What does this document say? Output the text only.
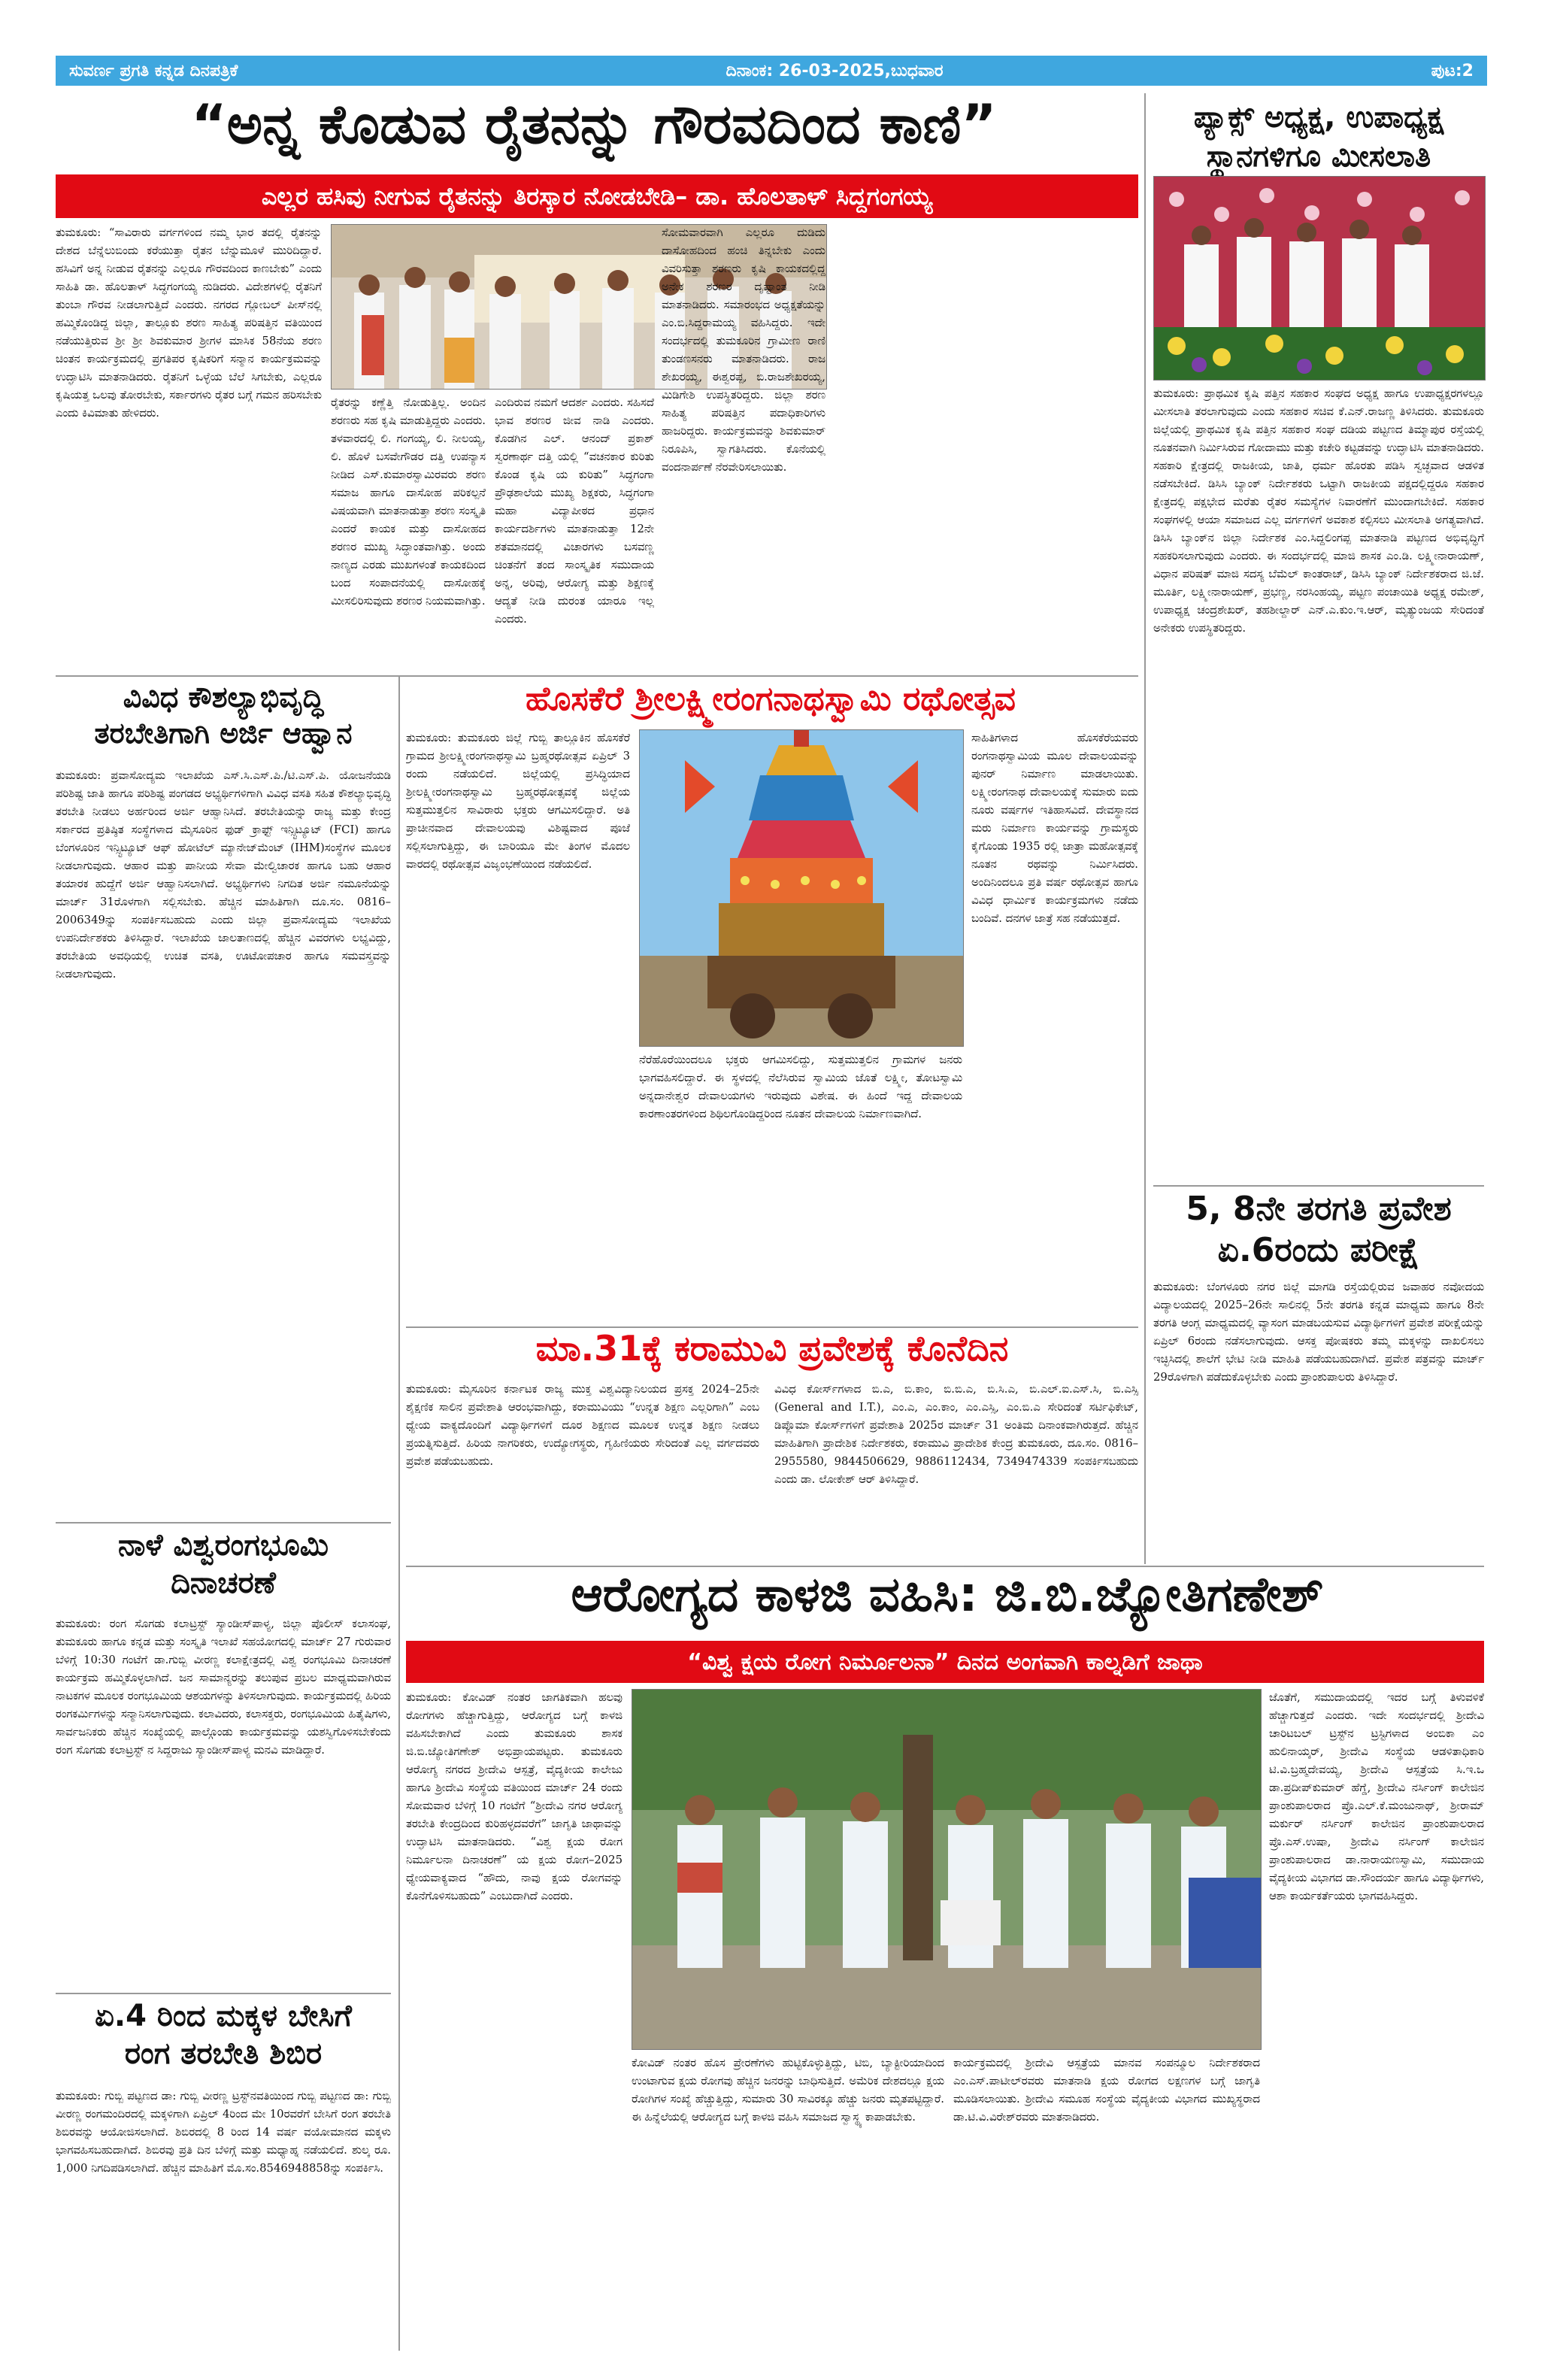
ಸುವರ್ಣ ಪ್ರಗತಿ ಕನ್ನಡ ದಿನಪತ್ರಿಕೆ	ದಿನಾಂಕ: 26-03-2025,ಬುಧವಾರ	ಪುಟ:2
“ಅನ್ನ ಕೊಡುವ ರೈತನನ್ನು ಗೌರವದಿಂದ ಕಾಣಿ”
ಎಲ್ಲರ ಹಸಿವು ನೀಗುವ ರೈತನನ್ನು ತಿರಸ್ಕಾರ ನೋಡಬೇಡಿ– ಡಾ. ಹೊಲತಾಳ್ ಸಿದ್ದಗಂಗಯ್ಯ

ತುಮಕೂರು: “ಸಾವಿರಾರು ವರ್ಗಗಳಿಂದ ನಮ್ಮ ಭಾರ ತದಲ್ಲಿ ರೈತನನ್ನು ದೇಶದ ಬೆನ್ನೆಲುಬಿಂದು ಕರೆಯುತ್ತಾ ರೈತನ ಬೆನ್ನುಮೂಳೆ ಮುರಿದಿದ್ದಾರೆ. ಹಸಿವಿಗೆ ಅನ್ನ ನೀಡುವ ರೈತನನ್ನು ಎಲ್ಲರೂ ಗೌರವದಿಂದ ಕಾಣಬೇಕು” ಎಂದು ಸಾಹಿತಿ ಡಾ. ಹೊಲತಾಳ್ ಸಿದ್ಧಗಂಗಯ್ಯ ನುಡಿದರು. ವಿದೇಶಗಳಲ್ಲಿ ರೈತನಿಗೆ ತುಂಬಾ ಗೌರವ ನೀಡಲಾಗುತ್ತಿದೆ ಎಂದರು. ನಗರದ ಗ್ಲೋಬಲ್ ಪೀಸ್‌ನಲ್ಲಿ ಹಮ್ಮಿಕೊಂಡಿದ್ದ ಜಿಲ್ಲಾ, ತಾಲ್ಲೂಕು ಶರಣ ಸಾಹಿತ್ಯ ಪರಿಷತ್ತಿನ ವತಿಯಿಂದ ನಡೆಯುತ್ತಿರುವ ಶ್ರೀ ಶ್ರೀ ಶಿವಕುಮಾರ ಶ್ರೀಗಳ ಮಾಸಿಕ 58ನೆಯ ಶರಣ ಚಿಂತನ ಕಾರ್ಯಕ್ರಮದಲ್ಲಿ ಪ್ರಗತಿಪರ ಕೃಷಿಕರಿಗೆ ಸನ್ಮಾನ ಕಾರ್ಯಕ್ರಮವನ್ನು ಉದ್ಘಾಟಿಸಿ ಮಾತನಾಡಿದರು. ರೈತನಿಗೆ ಒಳ್ಳೆಯ ಬೆಲೆ ಸಿಗಬೇಕು, ಎಲ್ಲರೂ ಕೃಷಿಯತ್ತ ಒಲವು ತೋರಬೇಕು, ಸರ್ಕಾರಗಳು ರೈತರ ಬಗ್ಗೆ ಗಮನ ಹರಿಸಬೇಕು ಎಂದು ಕಿವಿಮಾತು ಹೇಳಿದರು.

ರೈತರನ್ನು ಕಣ್ಣೆತ್ತಿ ನೋಡುತ್ತಿಲ್ಲ. ಅಂದಿನ ಶರಣರು ಸಹ ಕೃಷಿ ಮಾಡುತ್ತಿದ್ದರು ಎಂದರು. ತಳವಾರದಲ್ಲಿ ಲಿ. ಗಂಗಯ್ಯ, ಲಿ. ನೀಲಯ್ಯ, ಲಿ. ಹೊಳೆ ಬಸವೇಗೌಡರ ದತ್ತಿ ಉಪನ್ಯಾಸ ನೀಡಿದ ಎಸ್.ಕುಮಾರಸ್ವಾಮಿರವರು ಶರಣ ಸಮಾಜ ಹಾಗೂ ದಾಸೋಹ ಪರಿಕಲ್ಪನೆ ವಿಷಯವಾಗಿ ಮಾತನಾಡುತ್ತಾ ಶರಣ ಸಂಸ್ಕೃತಿ ಎಂದರೆ ಕಾಯಕ ಮತ್ತು ದಾಸೋಹದ ಶರಣರ ಮುಖ್ಯ ಸಿದ್ಧಾಂತವಾಗಿತ್ತು. ಅಂದು ನಾಣ್ಯದ ಎರಡು ಮುಖಗಳಂತೆ ಕಾಯಕದಿಂದ ಬಂದ ಸಂಪಾದನೆಯಲ್ಲಿ ದಾಸೋಹಕ್ಕೆ ಮೀಸಲಿರಿಸುವುದು ಶರಣರ ನಿಯಮವಾಗಿತ್ತು.

ಎಂದಿರುವ ನಮಗೆ ಆದರ್ಶ ಎಂದರು. ಸಹಿಸದೆ ಭಾವ ಶರಣರ ಜೀವ ನಾಡಿ ಎಂದರು. ಕೊಡಗಿನ ಎಲ್. ಆನಂದ್ ಪ್ರಕಾಶ್ ಸ್ವರಣಾರ್ಥ ದತ್ತಿ ಯಲ್ಲಿ “ವಚನಕಾರ ಕುರಿತು ಕೊಂಡ ಕೃಷಿ ಯ ಕುರಿತು” ಸಿದ್ಧಗಂಗಾ ಪ್ರೌಢಶಾಲೆಯ ಮುಖ್ಯ ಶಿಕ್ಷಕರು, ಸಿದ್ಧಗಂಗಾ ಮಹಾ ವಿದ್ಯಾಪೀಠದ ಪ್ರಧಾನ ಕಾರ್ಯದರ್ಶಿಗಳು ಮಾತನಾಡುತ್ತಾ 12ನೇ ಶತಮಾನದಲ್ಲಿ ವಿಚಾರಗಳು ಬಸವಣ್ಣ ಚಿಂತನೆಗೆ ತಂದ ಸಾಂಸ್ಕೃತಿಕ ಸಮುದಾಯ ಅನ್ನ, ಅರಿವು, ಆರೋಗ್ಯ ಮತ್ತು ಶಿಕ್ಷಣಕ್ಕೆ ಆದ್ಯತೆ ನೀಡಿ ದುರಂತ ಯಾರೂ ಇಲ್ಲ ಎಂದರು.

ಸೋಮವಾರವಾಗಿ ಎಲ್ಲರೂ ದುಡಿದು ದಾಸೋಹದಿಂದ ಹಂಚಿ ತಿನ್ನಬೇಕು ಎಂದು ವಿವರಿಸುತ್ತಾ ಶರಣರು ಕೃಷಿ ಕಾಯಕದಲ್ಲಿದ್ದ ಅನೇಕ ಶರಣರ ದೃಷ್ಟಾಂತ ನೀಡಿ ಮಾತನಾಡಿದರು. ಸಮಾರಂಭದ ಅಧ್ಯಕ್ಷತೆಯನ್ನು ಎಂ.ಬಿ.ಸಿದ್ದರಾಮಯ್ಯ ವಹಿಸಿದ್ದರು. ಇದೇ ಸಂದರ್ಭದಲ್ಲಿ ತುಮಕೂರಿನ ಗ್ರಾಮೀಣ ರಾಣಿ ತುಂಡಣಸನರು ಮಾತನಾಡಿದರು. ರಾಜ ಶೇಖರಯ್ಯ, ಈಶ್ವರಪ್ಪ, ಬಿ.ರಾಜಶೇಖರಯ್ಯ, ಮಿಡಿಗೇಶಿ ಉಪಸ್ಥಿತರಿದ್ದರು. ಜಿಲ್ಲಾ ಶರಣ ಸಾಹಿತ್ಯ ಪರಿಷತ್ತಿನ ಪದಾಧಿಕಾರಿಗಳು ಹಾಜರಿದ್ದರು. ಕಾರ್ಯಕ್ರಮವನ್ನು ಶಿವಕುಮಾರ್ ನಿರೂಪಿಸಿ, ಸ್ವಾಗತಿಸಿದರು. ಕೊನೆಯಲ್ಲಿ ವಂದನಾರ್ಪಣೆ ನೆರವೇರಿಸಲಾಯಿತು.

ಪ್ಯಾಕ್ಸ್ ಅಧ್ಯಕ್ಷ, ಉಪಾಧ್ಯಕ್ಷ ಸ್ಥಾನಗಳಿಗೂ ಮೀಸಲಾತಿ

ತುಮಕೂರು: ಪ್ರಾಥಮಿಕ ಕೃಷಿ ಪತ್ತಿನ ಸಹಕಾರ ಸಂಘದ ಅಧ್ಯಕ್ಷ ಹಾಗೂ ಉಪಾಧ್ಯಕ್ಷರಗಳಲ್ಲೂ ಮೀಸಲಾತಿ ತರಲಾಗುವುದು ಎಂದು ಸಹಕಾರ ಸಚಿವ ಕೆ.ಎನ್.ರಾಜಣ್ಣ ತಿಳಿಸಿದರು. ತುಮಕೂರು ಜಿಲ್ಲೆಯಲ್ಲಿ ಪ್ರಾಥಮಿಕ ಕೃಷಿ ಪತ್ತಿನ ಸಹಕಾರ ಸಂಘ ದಡಿಯ ಪಟ್ಟಣದ ತಿಮ್ಮಾಪುರ ರಸ್ತೆಯಲ್ಲಿ ನೂತನವಾಗಿ ನಿರ್ಮಿಸಿರುವ ಗೋದಾಮು ಮತ್ತು ಕಚೇರಿ ಕಟ್ಟಡವನ್ನು ಉದ್ಘಾಟಿಸಿ ಮಾತನಾಡಿದರು. ಸಹಕಾರಿ ಕ್ಷೇತ್ರದಲ್ಲಿ ರಾಜಕೀಯ, ಜಾತಿ, ಧರ್ಮ ಹೊರತು ಪಡಿಸಿ ಸ್ವಚ್ಛವಾದ ಆಡಳಿತ ನಡೆಸಬೇಕಿದೆ. ಡಿಸಿಸಿ ಬ್ಯಾಂಕ್ ನಿರ್ದೇಶಕರು ಒಟ್ಟಾಗಿ ರಾಜಕೀಯ ಪಕ್ಷದಲ್ಲಿದ್ದರೂ ಸಹಕಾರ ಕ್ಷೇತ್ರದಲ್ಲಿ ಪಕ್ಷಭೇದ ಮರೆತು ರೈತರ ಸಮಸ್ಯೆಗಳ ನಿವಾರಣೆಗೆ ಮುಂದಾಗಬೇಕಿದೆ. ಸಹಕಾರ ಸಂಘಗಳಲ್ಲಿ ಆಯಾ ಸಮಾಜದ ಎಲ್ಲ ವರ್ಗಗಳಿಗೆ ಅವಕಾಶ ಕಲ್ಪಿಸಲು ಮೀಸಲಾತಿ ಅಗತ್ಯವಾಗಿದೆ. ಡಿಸಿಸಿ ಬ್ಯಾಂಕ್‌ನ ಜಿಲ್ಲಾ ನಿರ್ದೇಶಕ ಎಂ.ಸಿದ್ದಲಿಂಗಪ್ಪ ಮಾತನಾಡಿ ಪಟ್ಟಣದ ಅಭಿವೃದ್ಧಿಗೆ ಸಹಕರಿಸಲಾಗುವುದು ಎಂದರು. ಈ ಸಂದರ್ಭದಲ್ಲಿ ಮಾಜಿ ಶಾಸಕ ಎಂ.ಡಿ. ಲಕ್ಷ್ಮೀನಾರಾಯಣ್, ವಿಧಾನ ಪರಿಷತ್ ಮಾಜಿ ಸದಸ್ಯ ಬೆಮೆಲ್ ಕಾಂತರಾಜ್, ಡಿಸಿಸಿ ಬ್ಯಾಂಕ್ ನಿರ್ದೇಶಕರಾದ ಜಿ.ಜೆ. ಮೂರ್ತಿ, ಲಕ್ಷ್ಮೀನಾರಾಯಣ್, ಪ್ರಭಣ್ಣ, ನರಸಿಂಹಯ್ಯ, ಪಟ್ಟಣ ಪಂಚಾಯಿತಿ ಅಧ್ಯಕ್ಷ ರಮೇಶ್, ಉಪಾಧ್ಯಕ್ಷ ಚಂದ್ರಶೇಖರ್, ತಹಶೀಲ್ದಾರ್ ಎನ್.ಎ.ಕುಂ.ಇ.ಆರ್, ಮೃತ್ಯುಂಜಯ ಸೇರಿದಂತೆ ಅನೇಕರು ಉಪಸ್ಥಿತರಿದ್ದರು.

ವಿವಿಧ ಕೌಶಲ್ಯಾಭಿವೃದ್ಧಿ
ತರಬೇತಿಗಾಗಿ ಅರ್ಜಿ ಆಹ್ವಾನ

ತುಮಕೂರು: ಪ್ರವಾಸೋದ್ಯಮ ಇಲಾಖೆಯ ಎಸ್.ಸಿ.ಎಸ್.ಪಿ./ಟಿ.ಎಸ್.ಪಿ. ಯೋಜನೆಯಡಿ ಪರಿಶಿಷ್ಟ ಜಾತಿ ಹಾಗೂ ಪರಿಶಿಷ್ಟ ಪಂಗಡದ ಅಭ್ಯರ್ಥಿಗಳಿಗಾಗಿ ವಿವಿಧ ವಸತಿ ಸಹಿತ ಕೌಶಲ್ಯಾಭಿವೃದ್ಧಿ ತರಬೇತಿ ನೀಡಲು ಅರ್ಹರಿಂದ ಅರ್ಜಿ ಆಹ್ವಾನಿಸಿದೆ. ತರಬೇತಿಯನ್ನು ರಾಜ್ಯ ಮತ್ತು ಕೇಂದ್ರ ಸರ್ಕಾರದ ಪ್ರತಿಷ್ಠಿತ ಸಂಸ್ಥೆಗಳಾದ ಮೈಸೂರಿನ ಫುಡ್ ಕ್ರಾಫ್ಟ್ ಇನ್ಸ್ಟಿಟ್ಯೂಟ್ (FCI) ಹಾಗೂ ಬೆಂಗಳೂರಿನ ಇನ್ಸ್ಟಿಟ್ಯೂಟ್ ಆಫ್ ಹೋಟೆಲ್ ಮ್ಯಾನೇಜ್‌ಮೆಂಟ್ (IHM)ಸಂಸ್ಥೆಗಳ ಮೂಲಕ ನೀಡಲಾಗುವುದು. ಆಹಾರ ಮತ್ತು ಪಾನೀಯ ಸೇವಾ ಮೇಲ್ವಿಚಾರಕ ಹಾಗೂ ಬಹು ಆಹಾರ ತಯಾರಕ ಹುದ್ದೆಗೆ ಅರ್ಜಿ ಆಹ್ವಾನಿಸಲಾಗಿದೆ. ಅಭ್ಯರ್ಥಿಗಳು ನಿಗದಿತ ಅರ್ಜಿ ನಮೂನೆಯನ್ನು ಮಾರ್ಚ್ 31ರೊಳಗಾಗಿ ಸಲ್ಲಿಸಬೇಕು. ಹೆಚ್ಚಿನ ಮಾಹಿತಿಗಾಗಿ ದೂ.ಸಂ. 0816–2006349ನ್ನು ಸಂಪರ್ಕಿಸಬಹುದು ಎಂದು ಜಿಲ್ಲಾ ಪ್ರವಾಸೋದ್ಯಮ ಇಲಾಖೆಯ ಉಪನಿರ್ದೇಶಕರು ತಿಳಿಸಿದ್ದಾರೆ. ಇಲಾಖೆಯ ಜಾಲತಾಣದಲ್ಲಿ ಹೆಚ್ಚಿನ ವಿವರಗಳು ಲಭ್ಯವಿದ್ದು, ತರಬೇತಿಯ ಅವಧಿಯಲ್ಲಿ ಉಚಿತ ವಸತಿ, ಊಟೋಪಚಾರ ಹಾಗೂ ಸಮವಸ್ತ್ರವನ್ನು ನೀಡಲಾಗುವುದು.

ಹೊಸಕೆರೆ ಶ್ರೀಲಕ್ಷ್ಮೀರಂಗನಾಥಸ್ವಾಮಿ ರಥೋತ್ಸವ

ತುಮಕೂರು: ತುಮಕೂರು ಜಿಲ್ಲೆ ಗುಬ್ಬಿ ತಾಲ್ಲೂಕಿನ ಹೊಸಕೆರೆ ಗ್ರಾಮದ ಶ್ರೀಲಕ್ಷ್ಮೀರಂಗನಾಥಸ್ವಾಮಿ ಬ್ರಹ್ಮರಥೋತ್ಸವ ಏಪ್ರಿಲ್ 3 ರಂದು ನಡೆಯಲಿದೆ. ಜಿಲ್ಲೆಯಲ್ಲಿ ಪ್ರಸಿದ್ಧಿಯಾದ ಶ್ರೀಲಕ್ಷ್ಮೀರಂಗನಾಥಸ್ವಾಮಿ ಬ್ರಹ್ಮರಥೋತ್ಸವಕ್ಕೆ ಜಿಲ್ಲೆಯ ಸುತ್ತಮುತ್ತಲಿನ ಸಾವಿರಾರು ಭಕ್ತರು ಆಗಮಿಸಲಿದ್ದಾರೆ. ಅತಿ ಪ್ರಾಚೀನವಾದ ದೇವಾಲಯವು ವಿಶಿಷ್ಟವಾದ ಪೂಜೆ ಸಲ್ಲಿಸಲಾಗುತ್ತಿದ್ದು, ಈ ಬಾರಿಯೂ ಮೇ ತಿಂಗಳ ಮೊದಲ ವಾರದಲ್ಲಿ ರಥೋತ್ಸವ ವಿಜೃಂಭಣೆಯಿಂದ ನಡೆಯಲಿದೆ.

ನೆರೆಹೊರೆಯಿಂದಲೂ ಭಕ್ತರು ಆಗಮಿಸಲಿದ್ದು, ಸುತ್ತಮುತ್ತಲಿನ ಗ್ರಾಮಗಳ ಜನರು ಭಾಗವಹಿಸಲಿದ್ದಾರೆ. ಈ ಸ್ಥಳದಲ್ಲಿ ನೆಲೆಸಿರುವ ಸ್ವಾಮಿಯ ಜೊತೆ ಲಕ್ಷ್ಮೀ, ತೋಟಸ್ವಾಮಿ ಅನ್ನದಾನೇಶ್ವರ ದೇವಾಲಯಗಳು ಇರುವುದು ವಿಶೇಷ. ಈ ಹಿಂದೆ ಇದ್ದ ದೇವಾಲಯ ಕಾರಣಾಂತರಗಳಿಂದ ಶಿಥಿಲಗೊಂಡಿದ್ದರಿಂದ ನೂತನ ದೇವಾಲಯ ನಿರ್ಮಾಣವಾಗಿದೆ.

ಸಾಹಿತಿಗಳಾದ ಹೊಸಕೆರೆಯವರು ರಂಗನಾಥಸ್ವಾಮಿಯ ಮೂಲ ದೇವಾಲಯವನ್ನು ಪುನರ್ ನಿರ್ಮಾಣ ಮಾಡಲಾಯಿತು. ಲಕ್ಷ್ಮೀರಂಗನಾಥ ದೇವಾಲಯಕ್ಕೆ ಸುಮಾರು ಐದು ನೂರು ವರ್ಷಗಳ ಇತಿಹಾಸವಿದೆ. ದೇವಸ್ಥಾನದ ಮರು ನಿರ್ಮಾಣ ಕಾರ್ಯವನ್ನು ಗ್ರಾಮಸ್ಥರು ಕೈಗೊಂಡು 1935 ರಲ್ಲಿ ಜಾತ್ರಾ ಮಹೋತ್ಸವಕ್ಕೆ ನೂತನ ರಥವನ್ನು ನಿರ್ಮಿಸಿದರು. ಅಂದಿನಿಂದಲೂ ಪ್ರತಿ ವರ್ಷ ರಥೋತ್ಸವ ಹಾಗೂ ವಿವಿಧ ಧಾರ್ಮಿಕ ಕಾರ್ಯಕ್ರಮಗಳು ನಡೆದು ಬಂದಿವೆ. ದನಗಳ ಜಾತ್ರೆ ಸಹ ನಡೆಯುತ್ತದೆ.

ಮಾ.31ಕ್ಕೆ ಕರಾಮುವಿ ಪ್ರವೇಶಕ್ಕೆ ಕೊನೆದಿನ

ತುಮಕೂರು: ಮೈಸೂರಿನ ಕರ್ನಾಟಕ ರಾಜ್ಯ ಮುಕ್ತ ವಿಶ್ವವಿದ್ಯಾನಿಲಯದ ಪ್ರಸಕ್ತ 2024–25ನೇ ಶೈಕ್ಷಣಿಕ ಸಾಲಿನ ಪ್ರವೇಶಾತಿ ಆರಂಭವಾಗಿದ್ದು, ಕರಾಮುವಿಯು “ಉನ್ನತ ಶಿಕ್ಷಣ ಎಲ್ಲರಿಗಾಗಿ” ಎಂಬ ಧ್ಯೇಯ ವಾಕ್ಯದೊಂದಿಗೆ ವಿದ್ಯಾರ್ಥಿಗಳಿಗೆ ದೂರ ಶಿಕ್ಷಣದ ಮೂಲಕ ಉನ್ನತ ಶಿಕ್ಷಣ ನೀಡಲು ಪ್ರಯತ್ನಿಸುತ್ತಿದೆ. ಹಿರಿಯ ನಾಗರಿಕರು, ಉದ್ಯೋಗಸ್ಥರು, ಗೃಹಿಣಿಯರು ಸೇರಿದಂತೆ ಎಲ್ಲ ವರ್ಗದವರು ಪ್ರವೇಶ ಪಡೆಯಬಹುದು.

ವಿವಿಧ ಕೋರ್ಸ್‌ಗಳಾದ ಬಿ.ಎ, ಬಿ.ಕಾಂ, ಬಿ.ಬಿ.ಎ, ಬಿ.ಸಿ.ಎ, ಬಿ.ಎಲ್.ಐ.ಎಸ್.ಸಿ, ಬಿ.ಎಸ್ಸಿ (General and I.T.), ಎಂ.ಎ, ಎಂ.ಕಾಂ, ಎಂ.ಎಸ್ಸಿ, ಎಂ.ಬಿ.ಎ ಸೇರಿದಂತೆ ಸರ್ಟಿಫಿಕೇಟ್, ಡಿಪ್ಲೊಮಾ ಕೋರ್ಸ್‌ಗಳಿಗೆ ಪ್ರವೇಶಾತಿ 2025ರ ಮಾರ್ಚ್ 31 ಅಂತಿಮ ದಿನಾಂಕವಾಗಿರುತ್ತದೆ. ಹೆಚ್ಚಿನ ಮಾಹಿತಿಗಾಗಿ ಪ್ರಾದೇಶಿಕ ನಿರ್ದೇಶಕರು, ಕರಾಮುವಿ ಪ್ರಾದೇಶಿಕ ಕೇಂದ್ರ ತುಮಕೂರು, ದೂ.ಸಂ. 0816–2955580, 9844506629, 9886112434, 7349474339 ಸಂಪರ್ಕಿಸಬಹುದು ಎಂದು ಡಾ. ಲೋಕೇಶ್ ಆರ್ ತಿಳಿಸಿದ್ದಾರೆ.

5, 8ನೇ ತರಗತಿ ಪ್ರವೇಶ
ಏ.6ರಂದು ಪರೀಕ್ಷೆ

ತುಮಕೂರು: ಬೆಂಗಳೂರು ನಗರ ಜಿಲ್ಲೆ ಮಾಗಡಿ ರಸ್ತೆಯಲ್ಲಿರುವ ಜವಾಹರ ನವೋದಯ ವಿದ್ಯಾಲಯದಲ್ಲಿ 2025–26ನೇ ಸಾಲಿನಲ್ಲಿ 5ನೇ ತರಗತಿ ಕನ್ನಡ ಮಾಧ್ಯಮ ಹಾಗೂ 8ನೇ ತರಗತಿ ಆಂಗ್ಲ ಮಾಧ್ಯಮದಲ್ಲಿ ವ್ಯಾಸಂಗ ಮಾಡಬಯಸುವ ವಿದ್ಯಾರ್ಥಿಗಳಿಗೆ ಪ್ರವೇಶ ಪರೀಕ್ಷೆಯನ್ನು ಏಪ್ರಿಲ್ 6ರಂದು ನಡೆಸಲಾಗುವುದು. ಆಸಕ್ತ ಪೋಷಕರು ತಮ್ಮ ಮಕ್ಕಳನ್ನು ದಾಖಲಿಸಲು ಇಚ್ಛಿಸಿದಲ್ಲಿ ಶಾಲೆಗೆ ಭೇಟಿ ನೀಡಿ ಮಾಹಿತಿ ಪಡೆಯಬಹುದಾಗಿದೆ. ಪ್ರವೇಶ ಪತ್ರವನ್ನು ಮಾರ್ಚ್ 29ರೊಳಗಾಗಿ ಪಡೆದುಕೊಳ್ಳಬೇಕು ಎಂದು ಪ್ರಾಂಶುಪಾಲರು ತಿಳಿಸಿದ್ದಾರೆ.

ನಾಳೆ ವಿಶ್ವರಂಗಭೂಮಿ
ದಿನಾಚರಣೆ

ತುಮಕೂರು: ರಂಗ ಸೊಗಡು ಕಲಾಟ್ರಸ್ಟ್ ಸ್ಯಾಂಡೀಸ್‌ಪಾಳ್ಯ, ಜಿಲ್ಲಾ ಪೊಲೀಸ್ ಕಲಾಸಂಘ, ತುಮಕೂರು ಹಾಗೂ ಕನ್ನಡ ಮತ್ತು ಸಂಸ್ಕೃತಿ ಇಲಾಖೆ ಸಹಯೋಗದಲ್ಲಿ ಮಾರ್ಚ್ 27 ಗುರುವಾರ ಬೆಳಿಗ್ಗೆ 10:30 ಗಂಟೆಗೆ ಡಾ.ಗುಬ್ಬಿ ವೀರಣ್ಣ ಕಲಾಕ್ಷೇತ್ರದಲ್ಲಿ ವಿಶ್ವ ರಂಗಭೂಮಿ ದಿನಾಚರಣೆ ಕಾರ್ಯಕ್ರಮ ಹಮ್ಮಿಕೊಳ್ಳಲಾಗಿದೆ. ಜನ ಸಾಮಾನ್ಯರನ್ನು ತಲುಪುವ ಪ್ರಬಲ ಮಾಧ್ಯಮವಾಗಿರುವ ನಾಟಕಗಳ ಮೂಲಕ ರಂಗಭೂಮಿಯ ಆಶಯಗಳನ್ನು ತಿಳಿಸಲಾಗುವುದು. ಕಾರ್ಯಕ್ರಮದಲ್ಲಿ ಹಿರಿಯ ರಂಗಕರ್ಮಿಗಳನ್ನು ಸನ್ಮಾನಿಸಲಾಗುವುದು. ಕಲಾವಿದರು, ಕಲಾಸಕ್ತರು, ರಂಗಭೂಮಿಯ ಹಿತೈಷಿಗಳು, ಸಾರ್ವಜನಿಕರು ಹೆಚ್ಚಿನ ಸಂಖ್ಯೆಯಲ್ಲಿ ಪಾಲ್ಗೊಂಡು ಕಾರ್ಯಕ್ರಮವನ್ನು ಯಶಸ್ವಿಗೊಳಿಸಬೇಕೆಂದು ರಂಗ ಸೊಗಡು ಕಲಾಟ್ರಸ್ಟ್ ನ ಸಿದ್ದರಾಜು ಸ್ಯಾಂಡೀಸ್‌ಪಾಳ್ಯ ಮನವಿ ಮಾಡಿದ್ದಾರೆ.

ಏ.4 ರಿಂದ ಮಕ್ಕಳ ಬೇಸಿಗೆ
ರಂಗ ತರಬೇತಿ ಶಿಬಿರ

ತುಮಕೂರು: ಗುಬ್ಬಿ ಪಟ್ಟಣದ ಡಾ: ಗುಬ್ಬಿ ವೀರಣ್ಣ ಟ್ರಸ್ಟ್‌ನವತಿಯಿಂದ ಗುಬ್ಬಿ ಪಟ್ಟಣದ ಡಾ: ಗುಬ್ಬಿ ವೀರಣ್ಣ ರಂಗಮಂದಿರದಲ್ಲಿ ಮಕ್ಕಳಿಗಾಗಿ ಏಪ್ರಿಲ್ 4ರಿಂದ ಮೇ 10ರವರೆಗೆ ಬೇಸಿಗೆ ರಂಗ ತರಬೇತಿ ಶಿಬಿರವನ್ನು ಆಯೋಜಿಸಲಾಗಿದೆ. ಶಿಬಿರದಲ್ಲಿ 8 ರಿಂದ 14 ವರ್ಷ ವಯೋಮಾನದ ಮಕ್ಕಳು ಭಾಗವಹಿಸಬಹುದಾಗಿದೆ. ಶಿಬಿರವು ಪ್ರತಿ ದಿನ ಬೆಳಿಗ್ಗೆ ಮತ್ತು ಮಧ್ಯಾಹ್ನ ನಡೆಯಲಿದೆ. ಶುಲ್ಕ ರೂ. 1,000 ನಿಗದಿಪಡಿಸಲಾಗಿದೆ. ಹೆಚ್ಚಿನ ಮಾಹಿತಿಗೆ ಮೊ.ಸಂ.8546948858ನ್ನು ಸಂಪರ್ಕಿಸಿ.

ಆರೋಗ್ಯದ ಕಾಳಜಿ ವಹಿಸಿ: ಜಿ.ಬಿ.ಜ್ಯೋತಿಗಣೇಶ್
“ವಿಶ್ವ ಕ್ಷಯ ರೋಗ ನಿರ್ಮೂಲನಾ” ದಿನದ ಅಂಗವಾಗಿ ಕಾಲ್ನಡಿಗೆ ಜಾಥಾ

ತುಮಕೂರು: ಕೋವಿಡ್ ನಂತರ ಜಾಗತಿಕವಾಗಿ ಹಲವು ರೋಗಗಳು ಹೆಚ್ಚಾಗುತ್ತಿದ್ದು, ಆರೋಗ್ಯದ ಬಗ್ಗೆ ಕಾಳಜಿ ವಹಿಸಬೇಕಾಗಿದೆ ಎಂದು ತುಮಕೂರು ಶಾಸಕ ಜಿ.ಬಿ.ಜ್ಯೋತಿಗಣೇಶ್ ಅಭಿಪ್ರಾಯಪಟ್ಟರು. ತುಮಕೂರು ಆರೋಗ್ಯ ನಗರದ ಶ್ರೀದೇವಿ ಆಸ್ಪತ್ರೆ, ವೈದ್ಯಕೀಯ ಕಾಲೇಜು ಹಾಗೂ ಶ್ರೀದೇವಿ ಸಂಸ್ಥೆಯ ವತಿಯಿಂದ ಮಾರ್ಚ್ 24 ರಂದು ಸೋಮವಾರ ಬೆಳಿಗ್ಗೆ 10 ಗಂಟೆಗೆ “ಶ್ರೀದೇವಿ ನಗರ ಆರೋಗ್ಯ ತರಬೇತಿ ಕೇಂದ್ರದಿಂದ ಕುರಿಹಳ್ಳದವರೆಗೆ” ಜಾಗೃತಿ ಜಾಥಾವನ್ನು ಉದ್ಘಾಟಿಸಿ ಮಾತನಾಡಿದರು. “ವಿಶ್ವ ಕ್ಷಯ ರೋಗ ನಿರ್ಮೂಲನಾ ದಿನಾಚರಣೆ” ಯ ಕ್ಷಯ ರೋಗ–2025 ಧ್ಯೇಯವಾಕ್ಯವಾದ “ಹೌದು, ನಾವು ಕ್ಷಯ ರೋಗವನ್ನು ಕೊನೆಗೊಳಿಸಬಹುದು” ಎಂಬುದಾಗಿದೆ ಎಂದರು.

ಕೋವಿಡ್ ನಂತರ ಹೊಸ ಪ್ರೇರಣೆಗಳು ಹುಟ್ಟಿಕೊಳ್ಳುತ್ತಿದ್ದು, ಟಿಬಿ, ಬ್ಯಾಕ್ಟೀರಿಯಾದಿಂದ ಉಂಟಾಗುವ ಕ್ಷಯ ರೋಗವು ಹೆಚ್ಚಿನ ಜನರನ್ನು ಬಾಧಿಸುತ್ತಿದೆ. ಅಮೆರಿಕ ದೇಶದಲ್ಲೂ ಕ್ಷಯ ರೋಗಿಗಳ ಸಂಖ್ಯೆ ಹೆಚ್ಚುತ್ತಿದ್ದು, ಸುಮಾರು 30 ಸಾವಿರಕ್ಕೂ ಹೆಚ್ಚು ಜನರು ಮೃತಪಟ್ಟಿದ್ದಾರೆ. ಈ ಹಿನ್ನೆಲೆಯಲ್ಲಿ ಆರೋಗ್ಯದ ಬಗ್ಗೆ ಕಾಳಜಿ ವಹಿಸಿ ಸಮಾಜದ ಸ್ವಾಸ್ಥ್ಯ ಕಾಪಾಡಬೇಕು.

ಕಾರ್ಯಕ್ರಮದಲ್ಲಿ ಶ್ರೀದೇವಿ ಆಸ್ಪತ್ರೆಯ ಮಾನವ ಸಂಪನ್ಮೂಲ ನಿರ್ದೇಶಕರಾದ ಎಂ.ಎಸ್.ಪಾಟೀಲ್‌ರವರು ಮಾತನಾಡಿ ಕ್ಷಯ ರೋಗದ ಲಕ್ಷಣಗಳ ಬಗ್ಗೆ ಜಾಗೃತಿ ಮೂಡಿಸಲಾಯಿತು. ಶ್ರೀದೇವಿ ಸಮೂಹ ಸಂಸ್ಥೆಯ ವೈದ್ಯಕೀಯ ವಿಭಾಗದ ಮುಖ್ಯಸ್ಥರಾದ ಡಾ.ಟಿ.ವಿ.ವಿರೇಶ್‌ರವರು ಮಾತನಾಡಿದರು.

ಜೊತೆಗೆ, ಸಮುದಾಯದಲ್ಲಿ ಇದರ ಬಗ್ಗೆ ತಿಳುವಳಿಕೆ ಹೆಚ್ಚಾಗುತ್ತದೆ ಎಂದರು. ಇದೇ ಸಂದರ್ಭದಲ್ಲಿ ಶ್ರೀದೇವಿ ಚಾರಿಟಬಲ್ ಟ್ರಸ್ಟ್‌ನ ಟ್ರಸ್ಟಿಗಳಾದ ಅಂಬಿಕಾ ಎಂ ಹುಲಿನಾಯ್ಕರ್, ಶ್ರೀದೇವಿ ಸಂಸ್ಥೆಯ ಆಡಳಿತಾಧಿಕಾರಿ ಟಿ.ವಿ.ಬ್ರಹ್ಮದೇವಯ್ಯ, ಶ್ರೀದೇವಿ ಆಸ್ಪತ್ರೆಯ ಸಿ.ಇ.ಒ ಡಾ.ಪ್ರದೀಪ್‌ಕುಮಾರ್ ಹೆಗ್ಡೆ, ಶ್ರೀದೇವಿ ನರ್ಸಿಂಗ್ ಕಾಲೇಜಿನ ಪ್ರಾಂಶುಪಾಲರಾದ ಪ್ರೊ.ಎಲ್.ಕೆ.ಮಂಜುನಾಥ್, ಶ್ರೀರಾಮ್ ಮರ್ಕುರ್ ನರ್ಸಿಂಗ್ ಕಾಲೇಜಿನ ಪ್ರಾಂಶುಪಾಲರಾದ ಪ್ರೊ.ಎಸ್.ಉಷಾ, ಶ್ರೀದೇವಿ ನರ್ಸಿಂಗ್ ಕಾಲೇಜಿನ ಪ್ರಾಂಶುಪಾಲರಾದ ಡಾ.ನಾರಾಯಣಸ್ವಾಮಿ, ಸಮುದಾಯ ವೈದ್ಯಕೀಯ ವಿಭಾಗದ ಡಾ.ಸೌಂದರ್ಯ ಹಾಗೂ ವಿದ್ಯಾರ್ಥಿಗಳು, ಆಶಾ ಕಾರ್ಯಕರ್ತೆಯರು ಭಾಗವಹಿಸಿದ್ದರು.
